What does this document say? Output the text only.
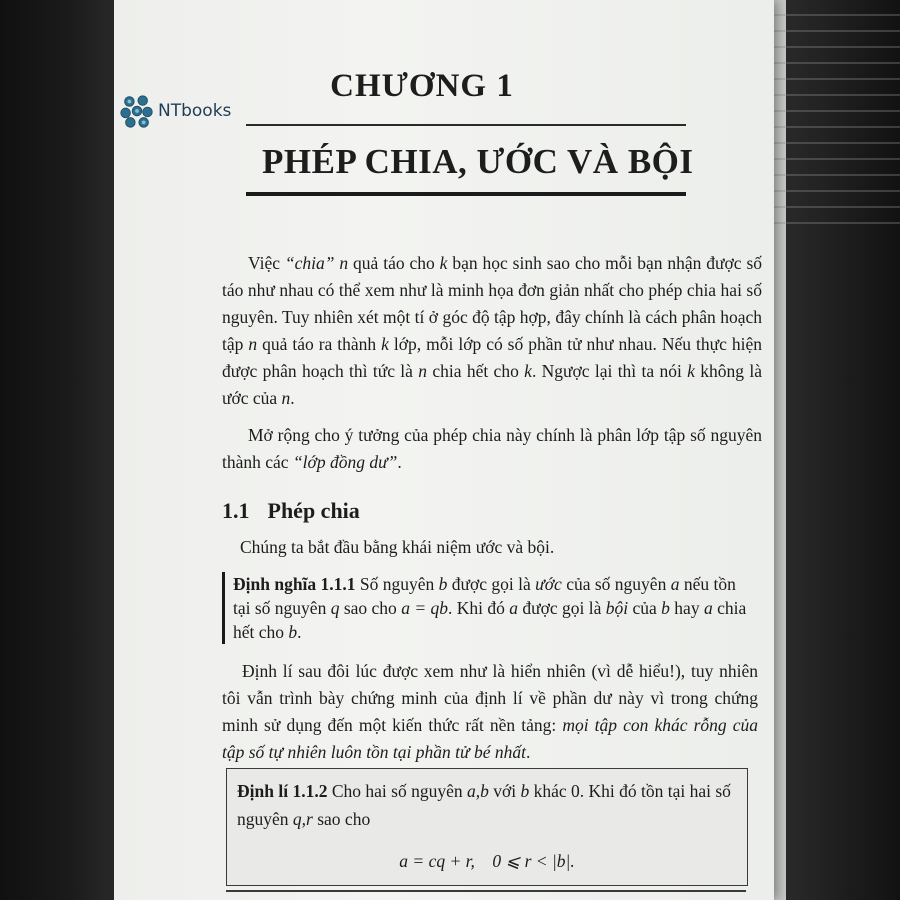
NTbooks
CHƯƠNG 1
PHÉP CHIA, ƯỚC VÀ BỘI

Việc “chia” n quả táo cho k bạn học sinh sao cho mỗi bạn nhận được số táo như nhau có thể xem như là minh họa đơn giản nhất cho phép chia hai số nguyên. Tuy nhiên xét một tí ở góc độ tập hợp, đây chính là cách phân hoạch tập n quả táo ra thành k lớp, mỗi lớp có số phần tử như nhau. Nếu thực hiện được phân hoạch thì tức là n chia hết cho k. Ngược lại thì ta nói k không là ước của n.

Mở rộng cho ý tưởng của phép chia này chính là phân lớp tập số nguyên thành các “lớp đồng dư”.

1.1 Phép chia

Chúng ta bắt đầu bằng khái niệm ước và bội.

Định nghĩa 1.1.1 Số nguyên b được gọi là ước của số nguyên a nếu tồn tại số nguyên q sao cho a = qb. Khi đó a được gọi là bội của b hay a chia hết cho b.

Định lí sau đôi lúc được xem như là hiển nhiên (vì dễ hiểu!), tuy nhiên tôi vẫn trình bày chứng minh của định lí về phần dư này vì trong chứng minh sử dụng đến một kiến thức rất nền tảng: mọi tập con khác rỗng của tập số tự nhiên luôn tồn tại phần tử bé nhất.

Định lí 1.1.2 Cho hai số nguyên a,b với b khác 0. Khi đó tồn tại hai số nguyên q,r sao cho
a = cq + r,    0 ⩽ r < |b|.
